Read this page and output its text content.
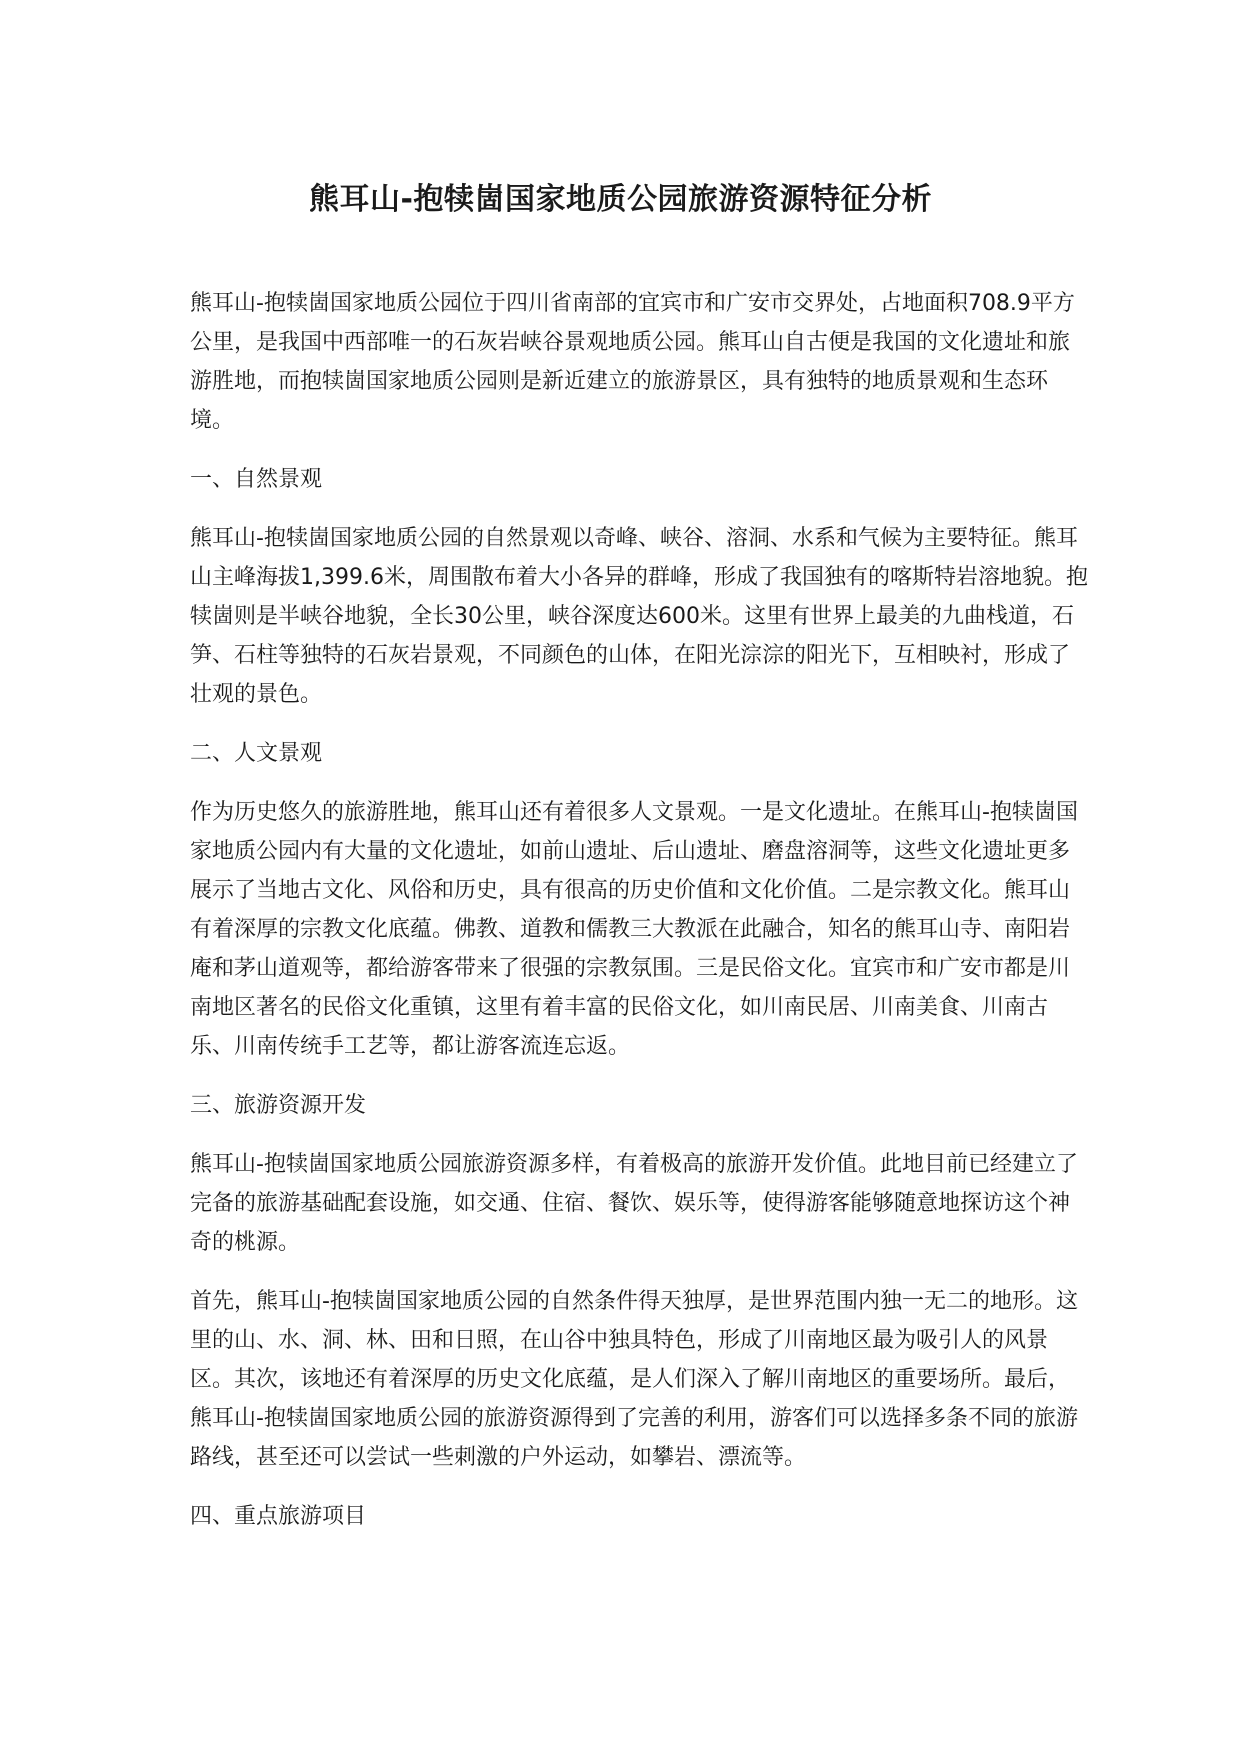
熊耳山-抱犊崮国家地质公园旅游资源特征分析

熊耳山-抱犊崮国家地质公园位于四川省南部的宜宾市和广安市交界处，占地面积708.9平方公里，是我国中西部唯一的石灰岩峡谷景观地质公园。熊耳山自古便是我国的文化遗址和旅游胜地，而抱犊崮国家地质公园则是新近建立的旅游景区，具有独特的地质景观和生态环境。

一、自然景观

熊耳山-抱犊崮国家地质公园的自然景观以奇峰、峡谷、溶洞、水系和气候为主要特征。熊耳山主峰海拔1,399.6米，周围散布着大小各异的群峰，形成了我国独有的喀斯特岩溶地貌。抱犊崮则是半峡谷地貌，全长30公里，峡谷深度达600米。这里有世界上最美的九曲栈道，石笋、石柱等独特的石灰岩景观，不同颜色的山体，在阳光淙淙的阳光下，互相映衬，形成了壮观的景色。

二、人文景观

作为历史悠久的旅游胜地，熊耳山还有着很多人文景观。一是文化遗址。在熊耳山-抱犊崮国家地质公园内有大量的文化遗址，如前山遗址、后山遗址、磨盘溶洞等，这些文化遗址更多展示了当地古文化、风俗和历史，具有很高的历史价值和文化价值。二是宗教文化。熊耳山有着深厚的宗教文化底蕴。佛教、道教和儒教三大教派在此融合，知名的熊耳山寺、南阳岩庵和茅山道观等，都给游客带来了很强的宗教氛围。三是民俗文化。宜宾市和广安市都是川南地区著名的民俗文化重镇，这里有着丰富的民俗文化，如川南民居、川南美食、川南古乐、川南传统手工艺等，都让游客流连忘返。

三、旅游资源开发

熊耳山-抱犊崮国家地质公园旅游资源多样，有着极高的旅游开发价值。此地目前已经建立了完备的旅游基础配套设施，如交通、住宿、餐饮、娱乐等，使得游客能够随意地探访这个神奇的桃源。

首先，熊耳山-抱犊崮国家地质公园的自然条件得天独厚，是世界范围内独一无二的地形。这里的山、水、洞、林、田和日照，在山谷中独具特色，形成了川南地区最为吸引人的风景区。其次，该地还有着深厚的历史文化底蕴，是人们深入了解川南地区的重要场所。最后，熊耳山-抱犊崮国家地质公园的旅游资源得到了完善的利用，游客们可以选择多条不同的旅游路线，甚至还可以尝试一些刺激的户外运动，如攀岩、漂流等。

四、重点旅游项目
